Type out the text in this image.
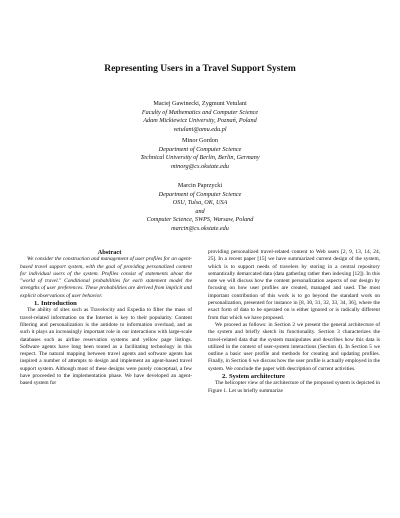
Representing Users in a Travel Support System
Maciej Gawinecki, Zygmunt Vetulani
Faculty of Mathematics and Computer Science
Adam Mickiewicz University, Poznań, Poland
vetulani@amu.edu.pl
Minor Gordon
Department of Computer Science
Technical University of Berlin, Berlin, Germany
minorg@cs.okstate.edu
Marcin Paprzycki
Department of Computer Science
OSU, Tulsa, OK, USA
and
Computer Science, SWPS, Warsaw, Poland
marcin@cs.okstate.edu

Abstract

We consider the construction and management of user profiles for an agent-based travel support system, with the goal of providing personalized content for individual users of the system. Profiles consist of statements about the "world of travel." Conditional probabilities for each statement model the strengths of user preferences. These probabilities are derived from implicit and explicit observations of user behavior.

1. Introduction

The ability of sites such as Travelocity and Expedia to filter the mass of travel-related information on the Internet is key to their popularity. Content filtering and personalization is the antidote to information overload, and as such it plays an increasingly important role in our interactions with large-scale databases such as airline reservation systems and yellow page listings. Software agents have long been touted as a facilitating technology in this respect. The natural mapping between travel agents and software agents has inspired a number of attempts to design and implement an agent-based travel support system. Although most of these designs were purely conceptual, a few have proceeded to the implementation phase. We have developed an agent-based system for

providing personalized travel-related content to Web users [2, 9, 13, 14, 24, 25]. In a recent paper [15] we have summarized current design of the system, which is to support needs of travelers by storing in a central repository semantically demarcated data (data gathering rather then indexing [12]). In this note we will discuss how the content personalization aspects of our design by focusing on how user profiles are created, managed and used. The most important contribution of this work is to go beyond the standard work on personalization, presented for instance in [8, 30, 31, 32, 33, 34, 36], where the exact form of data to be operated on is either ignored or is radically different from that which we have proposed.

We proceed as follows: in Section 2 we present the general architecture of the system and briefly sketch its functionality. Section 3 characterizes the travel-related data that the system manipulates and describes how this data is utilized in the context of user-system interactions (Section 4). In Section 5 we outline a basic user profile and methods for creating and updating profiles. Finally, in Section 6 we discuss how the user profile is actually employed in the system. We conclude the paper with description of current activities.

2. System architecture

The helicopter view of the architecture of the proposed system is depicted in Figure 1. Let us briefly summarize
